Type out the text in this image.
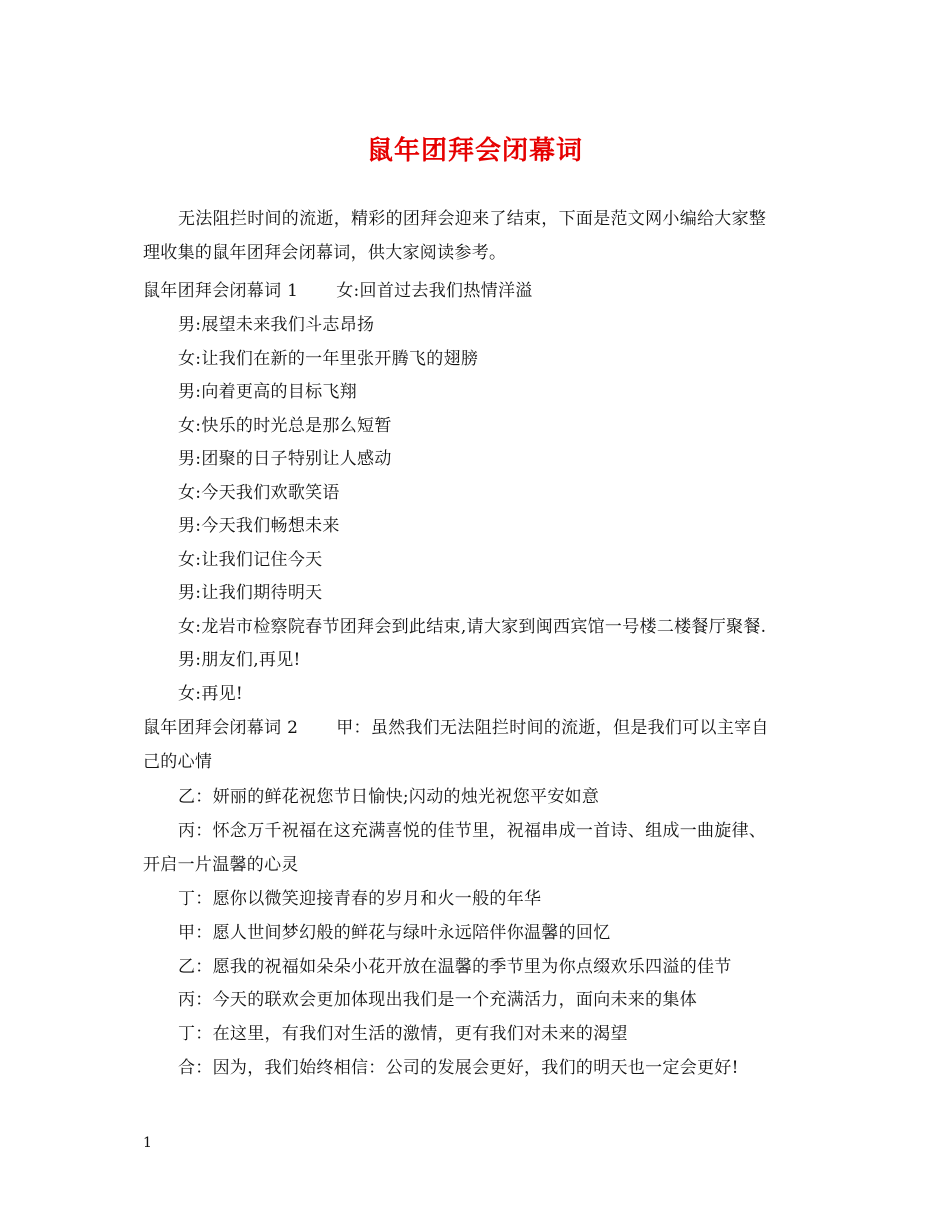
鼠年团拜会闭幕词
无法阻拦时间的流逝，精彩的团拜会迎来了结束，下面是范文网小编给大家整
理收集的鼠年团拜会闭幕词，供大家阅读参考。
鼠年团拜会闭幕词 1 女:回首过去我们热情洋溢
男:展望未来我们斗志昂扬
女:让我们在新的一年里张开腾飞的翅膀
男:向着更高的目标飞翔
女:快乐的时光总是那么短暂
男:团聚的日子特别让人感动
女:今天我们欢歌笑语
男:今天我们畅想未来
女:让我们记住今天
男:让我们期待明天
女:龙岩市检察院春节团拜会到此结束,请大家到闽西宾馆一号楼二楼餐厅聚餐.
男:朋友们,再见!
女:再见!
鼠年团拜会闭幕词 2 甲：虽然我们无法阻拦时间的流逝，但是我们可以主宰自
己的心情
乙：妍丽的鲜花祝您节日愉快;闪动的烛光祝您平安如意
丙：怀念万千祝福在这充满喜悦的佳节里，祝福串成一首诗、组成一曲旋律、
开启一片温馨的心灵
丁：愿你以微笑迎接青春的岁月和火一般的年华
甲：愿人世间梦幻般的鲜花与绿叶永远陪伴你温馨的回忆
乙：愿我的祝福如朵朵小花开放在温馨的季节里为你点缀欢乐四溢的佳节
丙：今天的联欢会更加体现出我们是一个充满活力，面向未来的集体
丁：在这里，有我们对生活的激情，更有我们对未来的渴望
合：因为，我们始终相信：公司的发展会更好，我们的明天也一定会更好!
1
